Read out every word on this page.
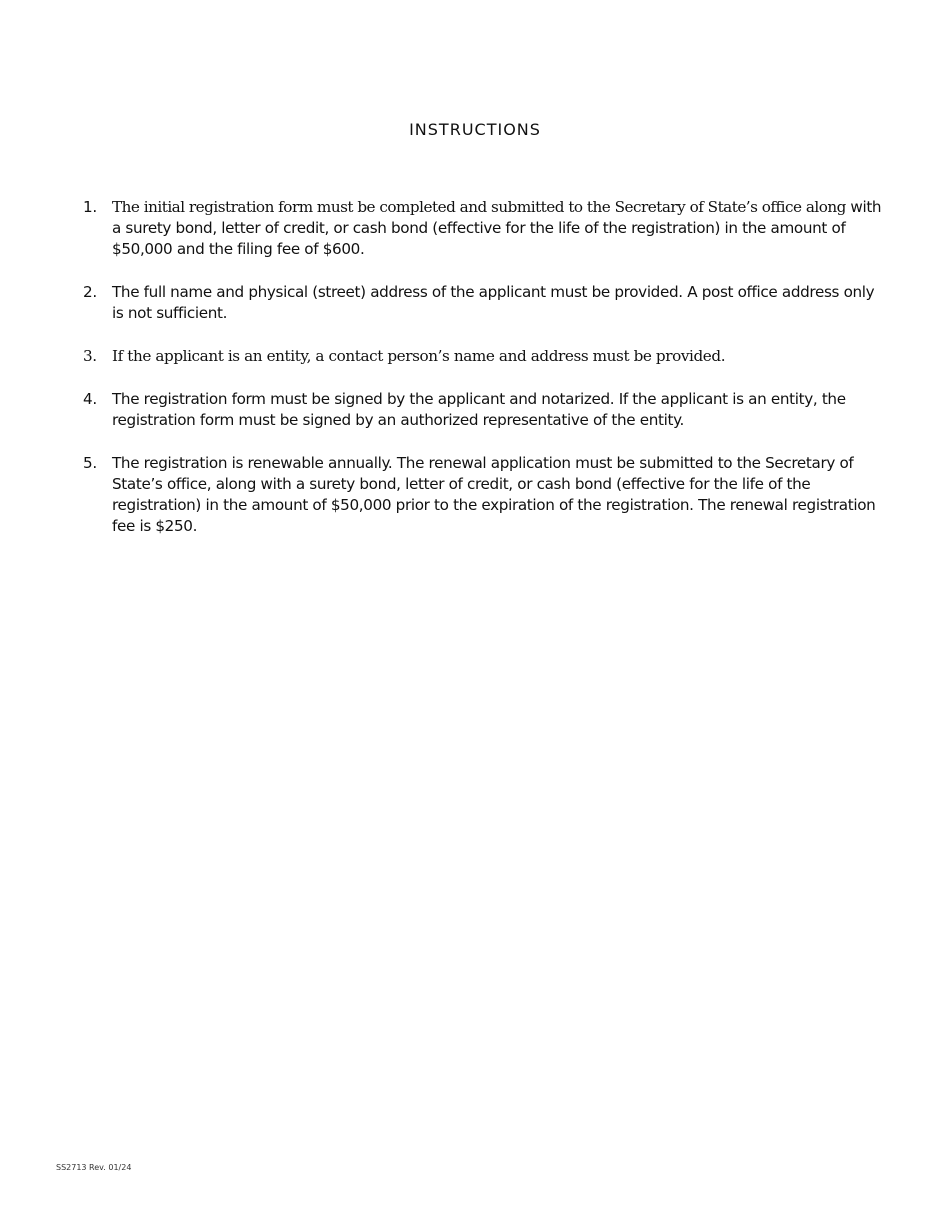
INSTRUCTIONS
1. The initial registration form must be completed and submitted to the Secretary of State’s office along with a surety bond, letter of credit, or cash bond (effective for the life of the registration) in the amount of $50,000 and the filing fee of $600.
2. The full name and physical (street) address of the applicant must be provided. A post office address only is not sufficient.
3. If the applicant is an entity, a contact person’s name and address must be provided.
4. The registration form must be signed by the applicant and notarized. If the applicant is an entity, the registration form must be signed by an authorized representative of the entity.
5. The registration is renewable annually. The renewal application must be submitted to the Secretary of State’s office, along with a surety bond, letter of credit, or cash bond (effective for the life of the registration) in the amount of $50,000 prior to the expiration of the registration. The renewal registration fee is $250.
SS2713 Rev. 01/24
